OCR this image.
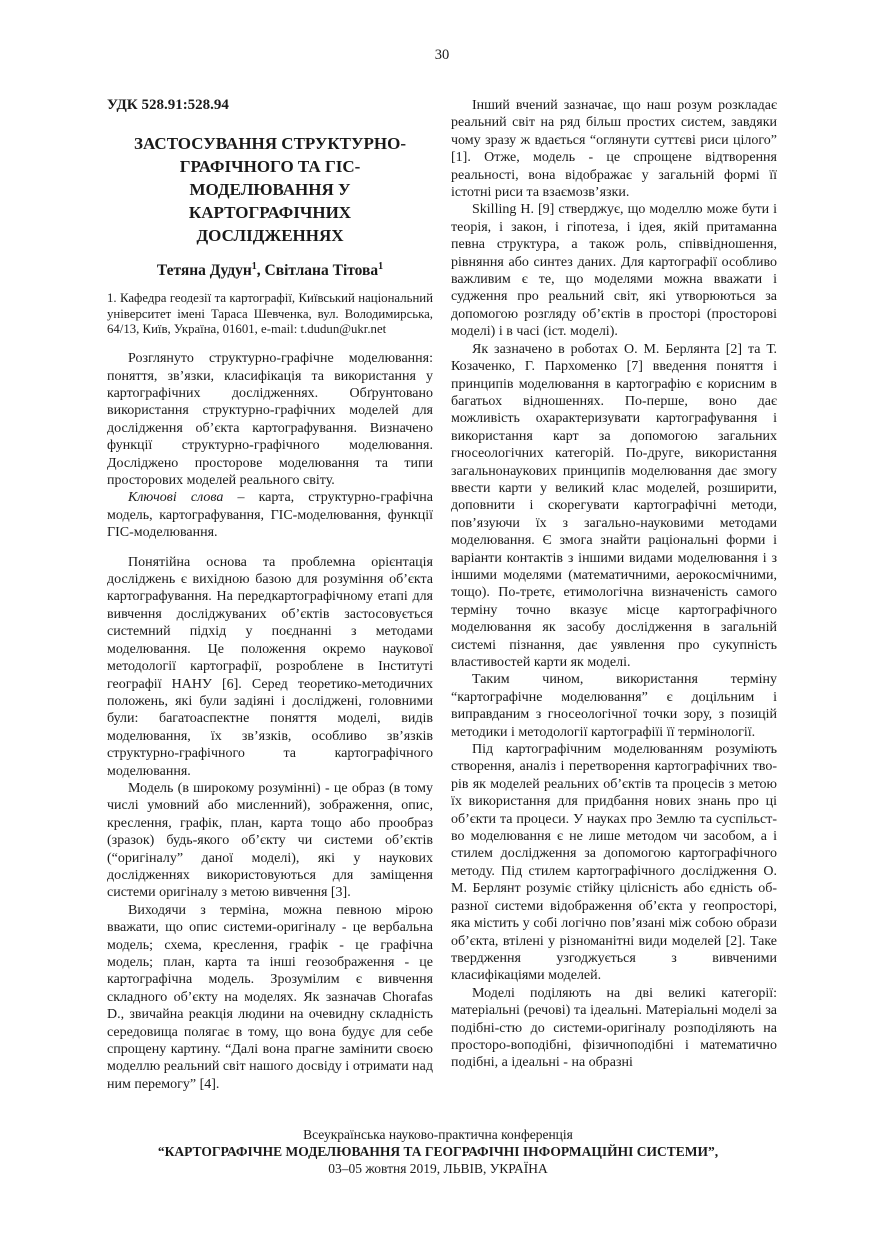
30

УДК 528.91:528.94

ЗАСТОСУВАННЯ СТРУКТУРНО-ГРАФІЧНОГО ТА ГІС-МОДЕЛЮВАННЯ У КАРТОГРАФІЧНИХ ДОСЛІДЖЕННЯХ

Тетяна Дудун$^1$, Світлана Тітова$^1$

1. Кафедра геодезії та картографії, Київський національний університет імені Тараса Шевченка, вул. Володимирська, 64/13, Київ, Україна, 01601, e-mail: t.dudun@ukr.net

Розглянуто структурно-графічне моделювання: поняття, зв’язки, класифікація та використання у картографічних дослідженнях. Обґрунтовано використання структурно-графічних моделей для дослідження об’єкта картографування. Визначено функції структурно-графічного моделювання. Досліджено просторове моделювання та типи просторових моделей реального світу.

Ключові слова – карта, структурно-графічна модель, картографування, ГІС-моделювання, функції ГІС-моделювання.

Понятійна основа та проблемна орієнтація досліджень є вихідною базою для розуміння об’єкта картографування. На передкартографічному етапі для вивчення досліджуваних об’єктів застосовується системний підхід у поєднанні з методами моделювання. Це положення окремо наукової методології картографії, розроблене в Інституті географії НАНУ [6]. Серед теоретико-методичних положень, які були задіяні і досліджені, головними були: багатоаспектне поняття моделі, видів моделювання, їх зв’язків, особливо зв’язків структурно-графічного та картографічного моделювання.

Модель (в широкому розумінні) - це образ (в тому числі умовний або мисленний), зображення, опис, креслення, графік, план, карта тощо або прообраз (зразок) будь-якого об’єкту чи системи об’єктів (“оригіналу” даної моделі), які у наукових дослідженнях використовуються для заміщення системи оригіналу з метою вивчення [3].

Виходячи з терміна, можна певною мірою вважати, що опис системи-оригіналу - це вербальна модель; схема, креслення, графік - це графічна модель; план, карта та інші геозображення - це картографічна модель. Зрозумілим є вивчення складного об’єкту на моделях. Як зазначав Chorafas D., звичайна реакція людини на очевидну складність середовища полягає в тому, що вона будує для себе спрощену картину. “Далі вона прагне замінити своєю моделлю реальний світ нашого досвіду і отримати над ним перемогу” [4].

Інший вчений зазначає, що наш розум розкладає реальний світ на ряд більш простих систем, завдяки чому зразу ж вдається “оглянути суттєві риси цілого” [1]. Отже, модель - це спрощене відтворення реальності, вона відображає у загальній формі її істотні риси та взаємозв’язки.

Skilling H. [9] стверджує, що моделлю може бути і теорія, і закон, і гіпотеза, і ідея, якій притаманна певна структура, а також роль, співвідношення, рівняння або синтез даних. Для картографії особливо важливим є те, що моделями можна вважати і судження про реальний світ, які утворюються за допомогою розгляду об’єктів в просторі (просторові моделі) і в часі (іст. моделі).

Як зазначено в роботах О. М. Берлянта [2] та Т. Козаченко, Г. Пархоменко [7] введення поняття і принципів моделювання в картографію є корисним в багатьох відношеннях. По-перше, воно дає можливість охарактеризувати картографування і використання карт за допомогою загальних гносеологічних категорій. По-друге, використання загальнонаукових принципів моделювання дає змогу ввести карти у великий клас моделей, розширити, доповнити і скорегувати картографічні методи, пов’язуючи їх з загально-науковими методами моделювання. Є змога знайти раціональні форми і варіанти контактів з іншими видами моделювання і з іншими моделями (математичними, аерокосмічними, тощо). По-третє, етимологічна визначеність самого терміну точно вказує місце картографічного моделювання як засобу дослідження в загальній системі пізнання, дає уявлення про сукупність властивостей карти як моделі.

Таким чином, використання терміну “картографічне моделювання” є доцільним і виправданим з гносеологічної точки зору, з позицій методики і методології картографіїі її термінології.

Під картографічним моделюванням розуміють створення, аналіз і перетворення картографічних тво-рів як моделей реальних об’єктів та процесів з метою їх використання для придбання нових знань про ці об’єкти та процеси. У науках про Землю та суспільст-во моделювання є не лише методом чи засобом, а і стилем дослідження за допомогою картографічного методу. Під стилем картографічного дослідження О. М. Берлянт розуміє стійку цілісність або єдність об-разної системи відображення об’єкта у геопросторі, яка містить у собі логічно пов’язані між собою образи об’єкта, втілені у різноманітні види моделей [2]. Таке твердження узгоджується з вивченими класифікаціями моделей.

Моделі поділяють на дві великі категорії: матеріальні (речові) та ідеальні. Матеріальні моделі за подібні-стю до системи-оригіналу розподіляють на просторо-воподібні, фізичноподібні і математично подібні, а ідеальні - на образні

Всеукраїнська науково-практична конференція
“КАРТОГРАФІЧНЕ МОДЕЛЮВАННЯ ТА ГЕОГРАФІЧНІ ІНФОРМАЦІЙНІ СИСТЕМИ”,
03–05 жовтня 2019, ЛЬВІВ, УКРАЇНА
